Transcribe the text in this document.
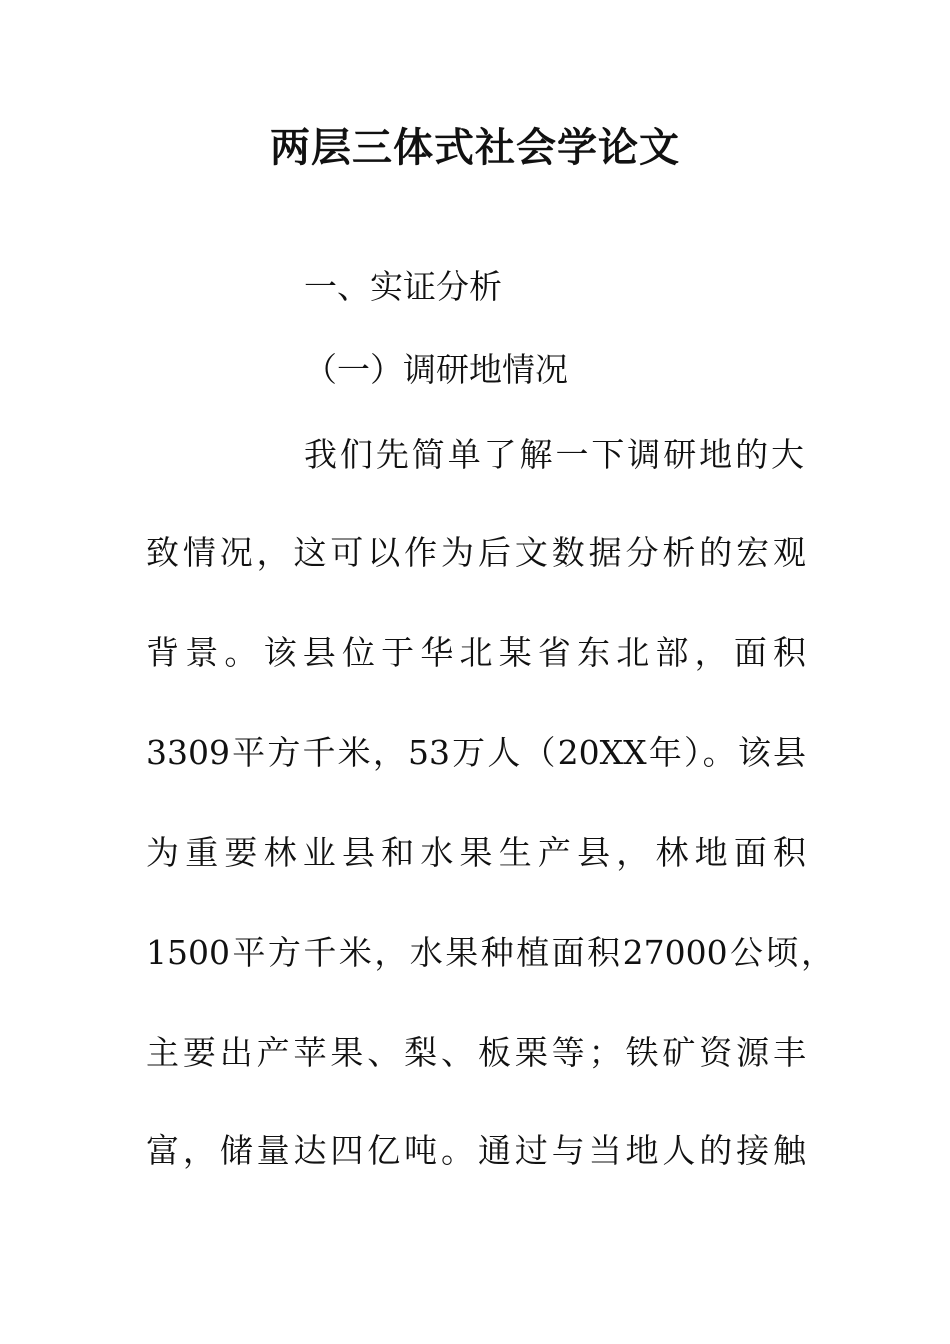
两层三体式社会学论文
一、实证分析
（一）调研地情况
我们先简单了解一下调研地的大
致情况，这可以作为后文数据分析的宏观
背景。该县位于华北某省东北部，面积
3309平方千米，53万人（20XX年）。该县
为重要林业县和水果生产县，林地面积
1500平方千米，水果种植面积27000公顷，
主要出产苹果、梨、板栗等；铁矿资源丰
富，储量达四亿吨。通过与当地人的接触
